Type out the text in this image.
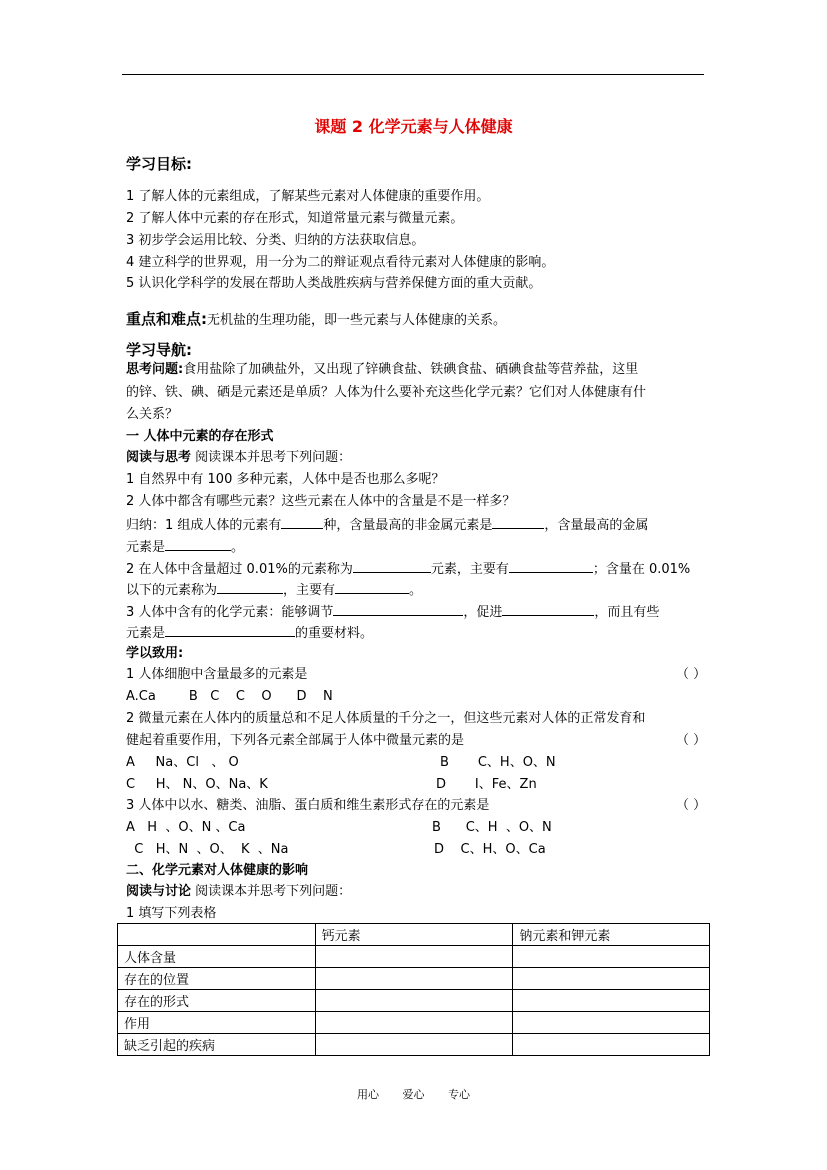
课题 2 化学元素与人体健康
学习目标:
1 了解人体的元素组成，了解某些元素对人体健康的重要作用。
2 了解人体中元素的存在形式，知道常量元素与微量元素。
3 初步学会运用比较、分类、归纳的方法获取信息。
4 建立科学的世界观，用一分为二的辩证观点看待元素对人体健康的影响。
5 认识化学科学的发展在帮助人类战胜疾病与营养保健方面的重大贡献。
重点和难点:无机盐的生理功能，即一些元素与人体健康的关系。
学习导航:
思考问题:食用盐除了加碘盐外，又出现了锌碘食盐、铁碘食盐、硒碘食盐等营养盐，这里
的锌、铁、碘、硒是元素还是单质？人体为什么要补充这些化学元素？它们对人体健康有什
么关系？
一 人体中元素的存在形式
阅读与思考 阅读课本并思考下列问题：
1 自然界中有 100 多种元素，人体中是否也那么多呢？
2 人体中都含有哪些元素？这些元素在人体中的含量是不是一样多？
归纳：1 组成人体的元素有	种，含量最高的非金属元素是	，含量最高的金属
元素是	。
2 在人体中含量超过 0.01%的元素称为	元素，主要有	；含量在 0.01%
以下的元素称为	，主要有	。
3 人体中含有的化学元素：能够调节	，促进	，而且有些
元素是	的重要材料。
学以致用:
1 人体细胞中含量最多的元素是	（ ）
A.Ca        B   C    C    O      D    N
2 微量元素在人体内的质量总和不足人体质量的千分之一，但这些元素对人体的正常发育和
健起着重要作用，下列各元素全部属于人体中微量元素的是	（ ）
A     Na、Cl   、 O	B       C、H、O、N
C     H、 N、O、Na、K	D       I、Fe、Zn
3 人体中以水、糖类、油脂、蛋白质和维生素形式存在的元素是	（ ）
A   H  、O、N 、Ca	B      C、H  、O、N
C   H、N  、O、  K  、Na	D    C、H、O、Ca
二、化学元素对人体健康的影响
阅读与讨论 阅读课本并思考下列问题：
1 填写下列表格
	钙元素	钠元素和钾元素
人体含量		
存在的位置		
存在的形式		
作用		
缺乏引起的疾病		
用心 爱心 专心
